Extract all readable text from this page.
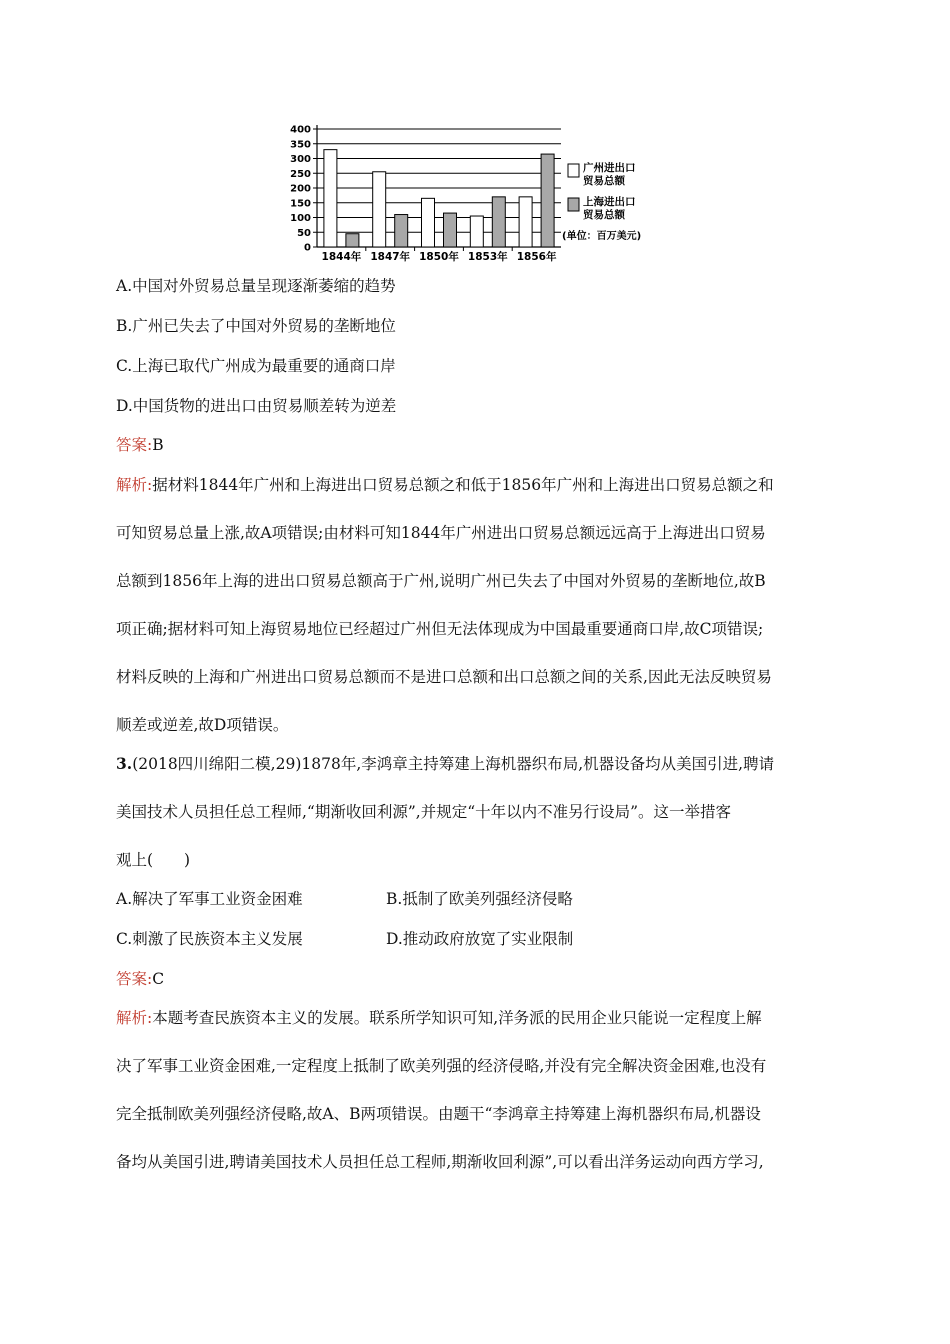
400
350
300
250
200
150
100
50
0
1844年 1847年 1850年 1853年 1856年
广州进出口
贸易总额
上海进出口
贸易总额
(单位：百万美元)
A.中国对外贸易总量呈现逐渐萎缩的趋势
B.广州已失去了中国对外贸易的垄断地位
C.上海已取代广州成为最重要的通商口岸
D.中国货物的进出口由贸易顺差转为逆差
答案:B
解析:据材料1844年广州和上海进出口贸易总额之和低于1856年广州和上海进出口贸易总额之和
可知贸易总量上涨,故A项错误;由材料可知1844年广州进出口贸易总额远远高于上海进出口贸易
总额到1856年上海的进出口贸易总额高于广州,说明广州已失去了中国对外贸易的垄断地位,故B
项正确;据材料可知上海贸易地位已经超过广州但无法体现成为中国最重要通商口岸,故C项错误;
材料反映的上海和广州进出口贸易总额而不是进口总额和出口总额之间的关系,因此无法反映贸易
顺差或逆差,故D项错误。
3.(2018四川绵阳二模,29)1878年,李鸿章主持筹建上海机器织布局,机器设备均从美国引进,聘请
美国技术人员担任总工程师,“期渐收回利源”,并规定“十年以内不准另行设局”。这一举措客
观上(　　)
A.解决了军事工业资金困难	B.抵制了欧美列强经济侵略
C.刺激了民族资本主义发展	D.推动政府放宽了实业限制
答案:C
解析:本题考查民族资本主义的发展。联系所学知识可知,洋务派的民用企业只能说一定程度上解
决了军事工业资金困难,一定程度上抵制了欧美列强的经济侵略,并没有完全解决资金困难,也没有
完全抵制欧美列强经济侵略,故A、B两项错误。由题干“李鸿章主持筹建上海机器织布局,机器设
备均从美国引进,聘请美国技术人员担任总工程师,期渐收回利源”,可以看出洋务运动向西方学习,
